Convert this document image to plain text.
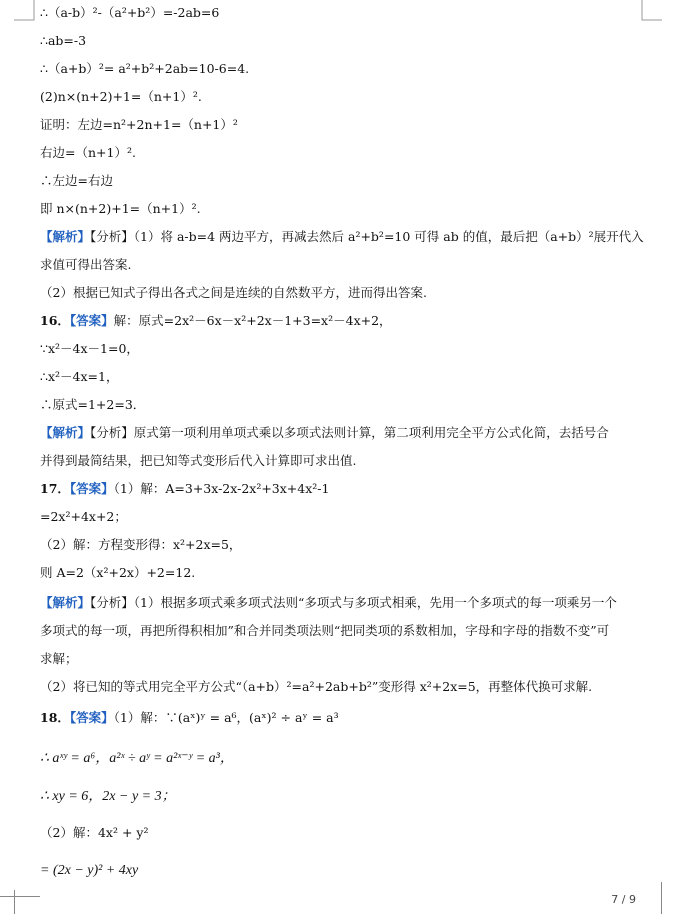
∴（a-b）²-（a²+b²）=-2ab=6
∴ab=-3
∴（a+b）²= a²+b²+2ab=10-6=4.
(2)n×(n+2)+1=（n+1）².
证明：左边=n²+2n+1=（n+1）²
右边=（n+1）².
∴左边=右边
即 n×(n+2)+1=（n+1）².
【解析】【分析】（1）将 a-b=4 两边平方，再减去然后 a²+b²=10 可得 ab 的值，最后把（a+b）²展开代入
求值可得出答案.
（2）根据已知式子得出各式之间是连续的自然数平方，进而得出答案.
16．【答案】解：原式=2x²－6x－x²+2x－1+3=x²－4x+2，
∵x²－4x－1=0，
∴x²－4x=1，
∴原式=1+2=3．
【解析】【分析】原式第一项利用单项式乘以多项式法则计算，第二项利用完全平方公式化简，去括号合
并得到最简结果，把已知等式变形后代入计算即可求出值.
17．【答案】（1）解：A=3+3x-2x-2x²+3x+4x²-1
=2x²+4x+2；
（2）解：方程变形得：x²+2x=5，
则 A=2（x²+2x）+2=12.
【解析】【分析】（1）根据多项式乘多项式法则“多项式与多项式相乘，先用一个多项式的每一项乘另一个
多项式的每一项，再把所得积相加”和合并同类项法则“把同类项的系数相加，字母和字母的指数不变”可
求解；
（2）将已知的等式用完全平方公式“（a+b）²=a²+2ab+b²”变形得 x²+2x=5，再整体代换可求解.
18．【答案】（1）解：∵(aˣ)ʸ = a⁶，(aˣ)² ÷ aʸ = a³
∴ aˣʸ = a⁶，a²ˣ ÷ aʸ = a²ˣ⁻ʸ = a³，
∴ xy = 6，2x − y = 3；
（2）解：4x² + y²
= (2x − y)² + 4xy
7 / 9
